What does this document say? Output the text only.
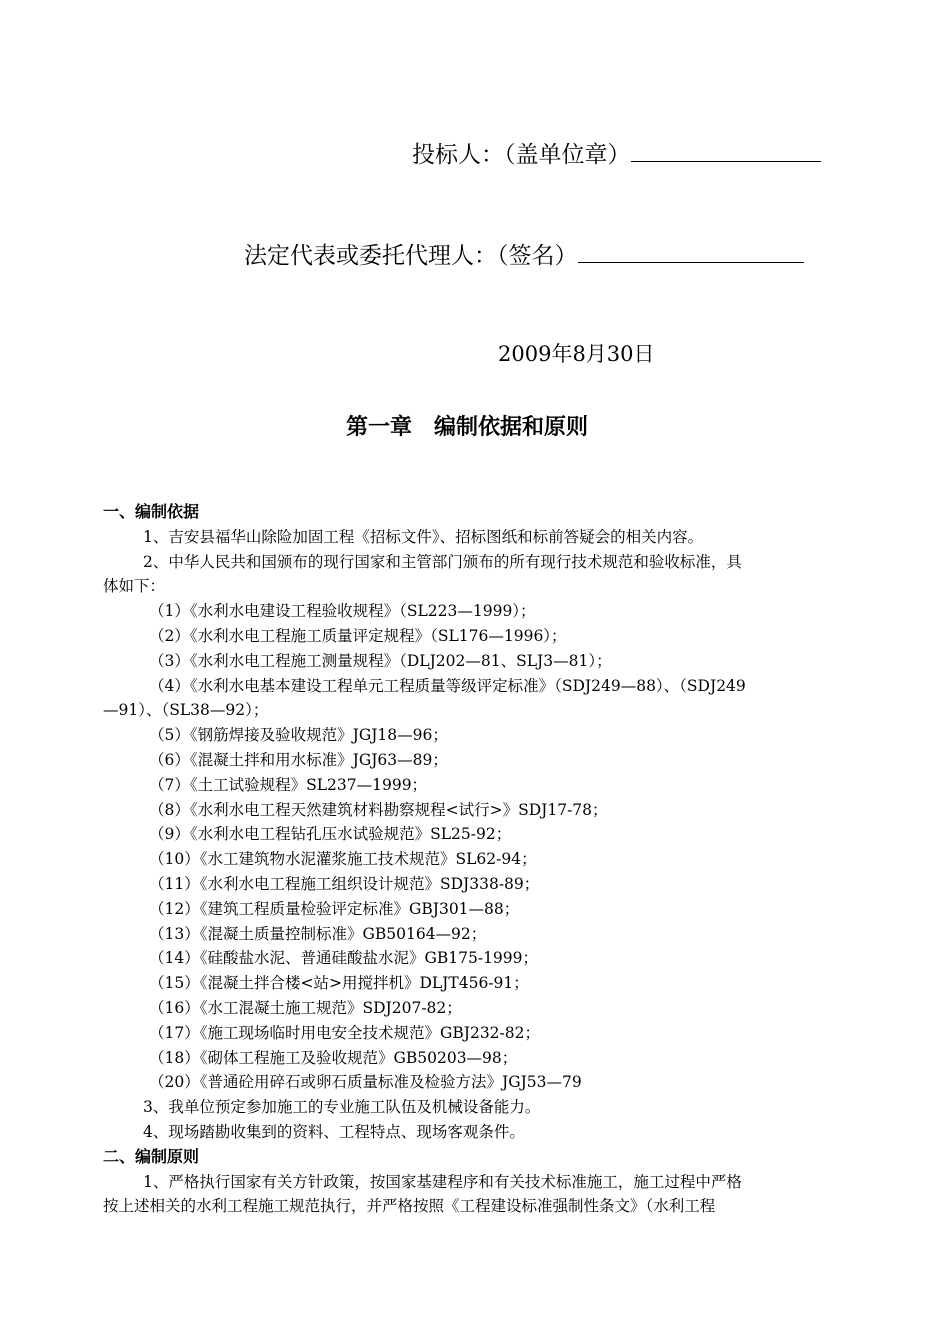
投标人：（盖单位章）
法定代表或委托代理人：（签名）
2009年8月30日
第一章　编制依据和原则
一、编制依据
1、吉安县福华山除险加固工程《招标文件》、招标图纸和标前答疑会的相关内容。
2、中华人民共和国颁布的现行国家和主管部门颁布的所有现行技术规范和验收标准，具
体如下：
（1）《水利水电建设工程验收规程》（SL223—1999）；
（2）《水利水电工程施工质量评定规程》（SL176—1996）；
（3）《水利水电工程施工测量规程》（DLJ202—81、SLJ3—81）；
（4）《水利水电基本建设工程单元工程质量等级评定标准》（SDJ249—88）、（SDJ249
—91）、（SL38—92）；
（5）《钢筋焊接及验收规范》JGJ18—96；
（6）《混凝土拌和用水标准》JGJ63—89；
（7）《土工试验规程》SL237—1999；
（8）《水利水电工程天然建筑材料勘察规程<试行>》SDJ17-78；
（9）《水利水电工程钻孔压水试验规范》SL25-92；
（10）《水工建筑物水泥灌浆施工技术规范》SL62-94；
（11）《水利水电工程施工组织设计规范》SDJ338-89；
（12）《建筑工程质量检验评定标准》GBJ301—88；
（13）《混凝土质量控制标准》GB50164—92；
（14）《硅酸盐水泥、普通硅酸盐水泥》GB175-1999；
（15）《混凝土拌合楼<站>用搅拌机》DLJT456-91；
（16）《水工混凝土施工规范》SDJ207-82；
（17）《施工现场临时用电安全技术规范》GBJ232-82；
（18）《砌体工程施工及验收规范》GB50203—98；
（20）《普通砼用碎石或卵石质量标准及检验方法》JGJ53—79
3、我单位预定参加施工的专业施工队伍及机械设备能力。
4、现场踏勘收集到的资料、工程特点、现场客观条件。
二、编制原则
1、严格执行国家有关方针政策，按国家基建程序和有关技术标准施工，施工过程中严格
按上述相关的水利工程施工规范执行，并严格按照《工程建设标准强制性条文》（水利工程
